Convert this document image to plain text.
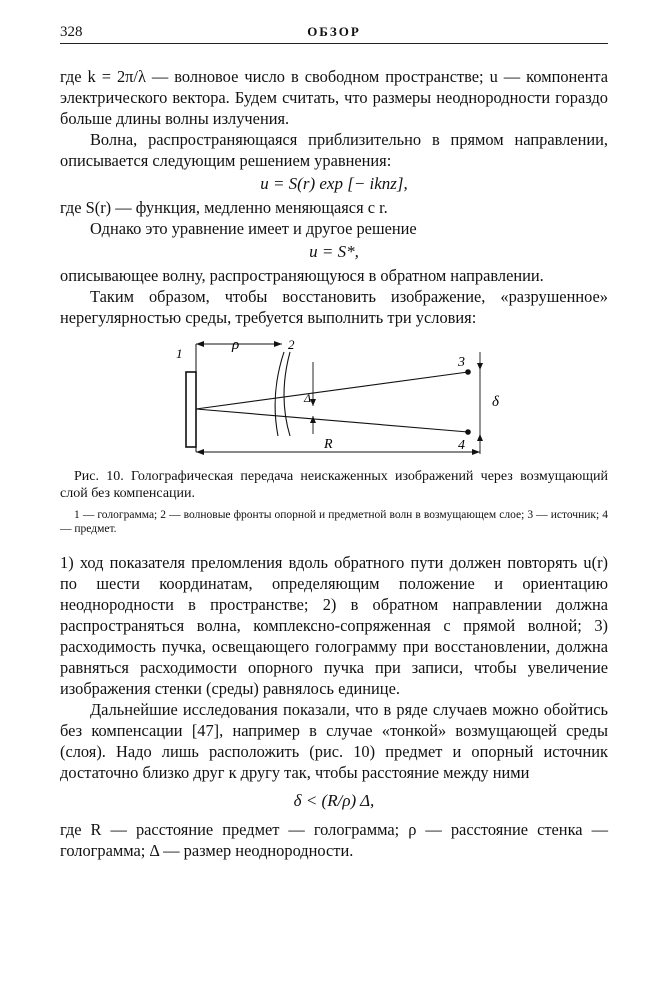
328	ОБЗОР

где k = 2π/λ — волновое число в свободном пространстве; u — компонента электрического вектора. Будем считать, что размеры неоднородности гораздо больше длины волны излучения.

Волна, распространяющаяся приблизительно в прямом направлении, описывается следующим решением уравнения:

u = S(r) exp [− iknz],

где S(r) — функция, медленно меняющаяся с r.

Однако это уравнение имеет и другое решение

u = S*,

описывающее волну, распространяющуюся в обратном направлении.

Таким образом, чтобы восстановить изображение, «разрушенное» нерегулярностью среды, требуется выполнить три условия:

1
ρ	2
Δ
3
4
δ
R
Рис. 10. Голографическая передача неискаженных изображений через возмущающий слой без компенсации.
1 — голограмма; 2 — волновые фронты опорной и предметной волн в возмущающем слое; 3 — источник; 4 — предмет.

1) ход показателя преломления вдоль обратного пути должен повторять u(r) по шести координатам, определяющим положение и ориентацию неоднородности в пространстве; 2) в обратном направлении должна распространяться волна, комплексно-сопряженная с прямой волной; 3) расходимость пучка, освещающего голограмму при восстановлении, должна равняться расходимости опорного пучка при записи, чтобы увеличение изображения стенки (среды) равнялось единице.

Дальнейшие исследования показали, что в ряде случаев можно обойтись без компенсации [47], например в случае «тонкой» возмущающей среды (слоя). Надо лишь расположить (рис. 10) предмет и опорный источник достаточно близко друг к другу так, чтобы расстояние между ними

δ < (R/ρ) Δ,

где R — расстояние предмет — голограмма; ρ — расстояние стенка — голограмма; Δ — размер неоднородности.
